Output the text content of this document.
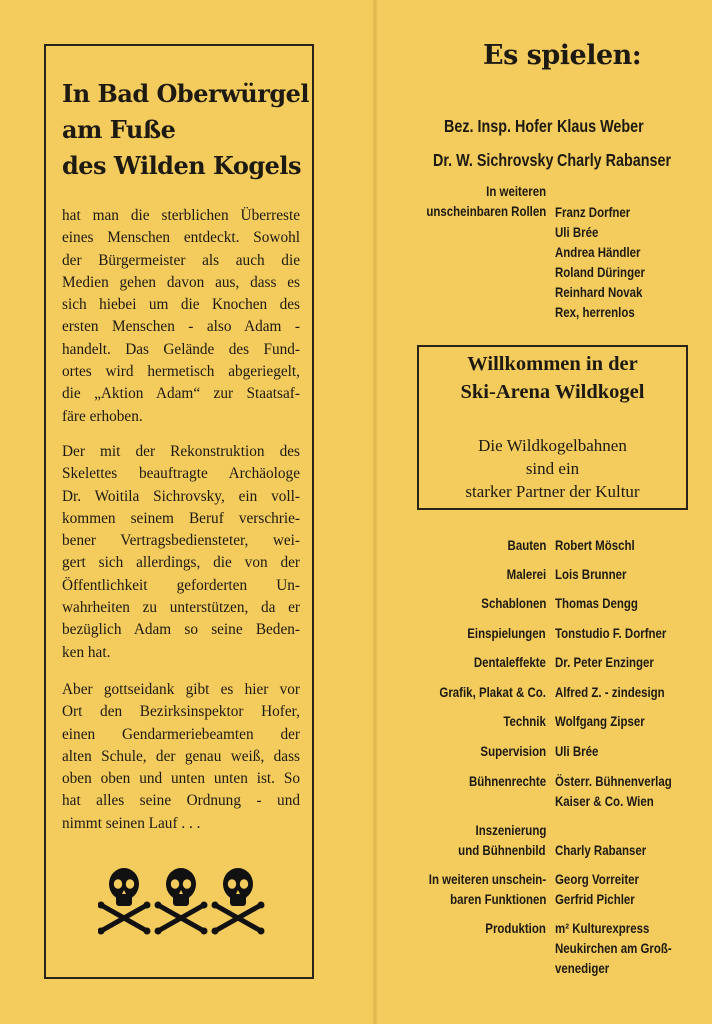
In Bad Oberwürgel
am Fuße
des Wilden Kogels
hat man die sterblichen Überreste
eines Menschen entdeckt. Sowohl
der Bürgermeister als auch die
Medien gehen davon aus, dass es
sich hiebei um die Knochen des
ersten Menschen - also Adam -
handelt. Das Gelände des Fund-
ortes wird hermetisch abgeriegelt,
die „Aktion Adam“ zur Staatsaf-
färe erhoben.
Der mit der Rekonstruktion des
Skelettes beauftragte Archäologe
Dr. Woitila Sichrovsky, ein voll-
kommen seinem Beruf verschrie-
bener Vertragsbediensteter, wei-
gert sich allerdings, die von der
Öffentlichkeit geforderten Un-
wahrheiten zu unterstützen, da er
bezüglich Adam so seine Beden-
ken hat.
Aber gottseidank gibt es hier vor
Ort den Bezirksinspektor Hofer,
einen Gendarmeriebeamten der
alten Schule, der genau weiß, dass
oben oben und unten unten ist. So
hat alles seine Ordnung - und
nimmt seinen Lauf . . .
Es spielen:
Bez. Insp. Hofer Klaus Weber
Dr. W. Sichrovsky Charly Rabanser
In weiteren
unscheinbaren Rollen Franz Dorfner
Uli Brée
Andrea Händler
Roland Düringer
Reinhard Novak
Rex, herrenlos
Willkommen in der
Ski-Arena Wildkogel
Die Wildkogelbahnen
sind ein
starker Partner der Kultur
Bauten Robert Möschl
Malerei Lois Brunner
Schablonen Thomas Dengg
Einspielungen Tonstudio F. Dorfner
Dentaleffekte Dr. Peter Enzinger
Grafik, Plakat & Co. Alfred Z. - zindesign
Technik Wolfgang Zipser
Supervision Uli Brée
Bühnenrechte Österr. Bühnenverlag
Kaiser & Co. Wien
Inszenierung
und Bühnenbild Charly Rabanser
In weiteren unschein-
baren Funktionen
Georg Vorreiter
Gerfrid Pichler
Produktion m² Kulturexpress
Neukirchen am Groß-
venediger
